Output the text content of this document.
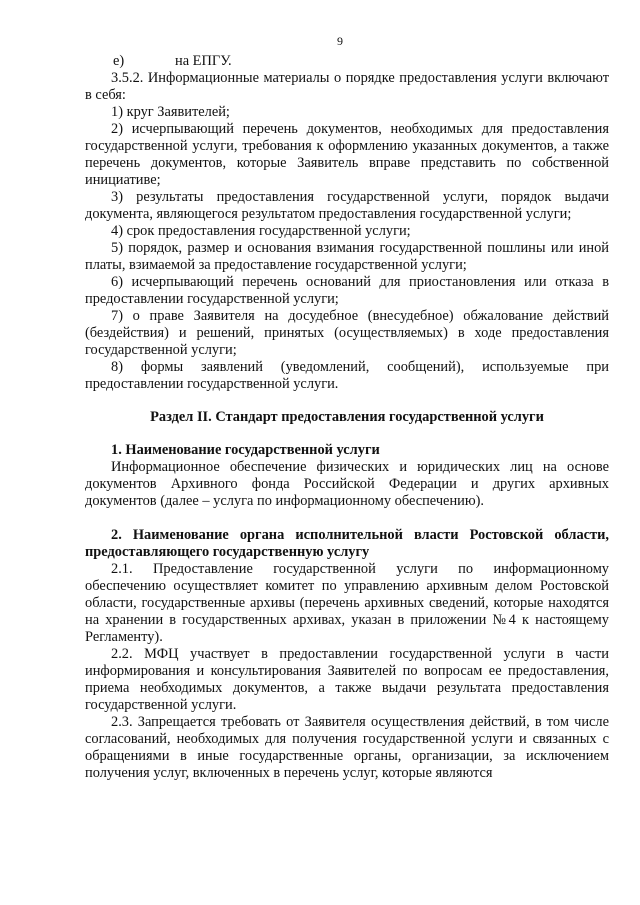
9
е)	на ЕПГУ.

3.5.2. Информационные материалы о порядке предоставления услуги включают в себя:

1) круг Заявителей;

2) исчерпывающий перечень документов, необходимых для предоставления государственной услуги, требования к оформлению указанных документов, а также перечень документов, которые Заявитель вправе представить по собственной инициативе;

3) результаты предоставления государственной услуги, порядок выдачи документа, являющегося результатом предоставления государственной услуги;

4) срок предоставления государственной услуги;

5) порядок, размер и основания взимания государственной пошлины или иной платы, взимаемой за предоставление государственной услуги;

6) исчерпывающий перечень оснований для приостановления или отказа в предоставлении государственной услуги;

7) о праве Заявителя на досудебное (внесудебное) обжалование действий (бездействия) и решений, принятых (осуществляемых) в ходе предоставления государственной услуги;

8) формы заявлений (уведомлений, сообщений), используемые при предоставлении государственной услуги.

Раздел II. Стандарт предоставления государственной услуги

1. Наименование государственной услуги

Информационное обеспечение физических и юридических лиц на основе документов Архивного фонда Российской Федерации и других архивных документов (далее – услуга по информационному обеспечению).

2. Наименование органа исполнительной власти Ростовской области, предоставляющего государственную услугу

2.1. Предоставление государственной услуги по информационному обеспечению осуществляет комитет по управлению архивным делом Ростовской области, государственные архивы (перечень архивных сведений, которые находятся на хранении в государственных архивах, указан в приложении №4 к настоящему Регламенту).

2.2. МФЦ участвует в предоставлении государственной услуги в части информирования и консультирования Заявителей по вопросам ее предоставления, приема необходимых документов, а также выдачи результата предоставления государственной услуги.

2.3. Запрещается требовать от Заявителя осуществления действий, в том числе согласований, необходимых для получения государственной услуги и связанных с обращениями в иные государственные органы, организации, за исключением получения услуг, включенных в перечень услуг, которые являются
